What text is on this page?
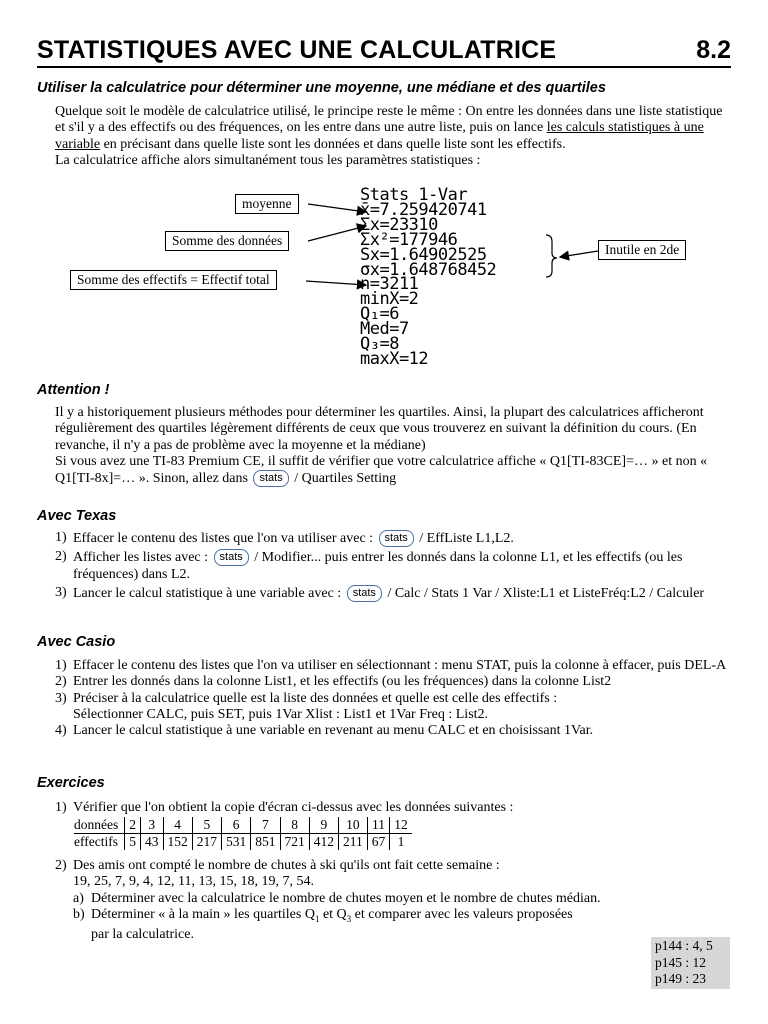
STATISTIQUES AVEC UNE CALCULATRICE	8.2
Utiliser la calculatrice pour déterminer une moyenne, une médiane et des quartiles
Quelque soit le modèle de calculatrice utilisé, le principe reste le même : On entre les données dans une liste statistique et s'il y a des effectifs ou des fréquences, on les entre dans une autre liste, puis on lance les calculs statistiques à une variable en précisant dans quelle liste sont les données et dans quelle liste sont les effectifs.
La calculatrice affiche alors simultanément tous les paramètres statistiques :
Stats 1-Var
x̄=7.259420741
Σx=23310
Σx²=177946
Sx=1.64902525
σx=1.648768452
n=3211
minX=2
Q₁=6
Med=7
Q₃=8
maxX=12
moyenne
Somme des données
Somme des effectifs = Effectif total
Inutile en 2de
Attention !
Il y a historiquement plusieurs méthodes pour déterminer les quartiles. Ainsi, la plupart des calculatrices afficheront régulièrement des quartiles légèrement différents de ceux que vous trouverez en suivant la définition du cours. (En revanche, il n'y a pas de problème avec la moyenne et la médiane)
Si vous avez une TI-83 Premium CE, il suffit de vérifier que votre calculatrice affiche « Q1[TI-83CE]=… » et non « Q1[TI-8x]=… ». Sinon, allez dans stats / Quartiles Setting
Avec Texas
1) Effacer le contenu des listes que l'on va utiliser avec : stats / EffListe L1,L2.
2) Afficher les listes avec : stats / Modifier... puis entrer les donnés dans la colonne L1, et les effectifs (ou les fréquences) dans L2.
3) Lancer le calcul statistique à une variable avec : stats / Calc / Stats 1 Var / Xliste:L1 et ListeFréq:L2 / Calculer
Avec Casio
1) Effacer le contenu des listes que l'on va utiliser en sélectionnant : menu STAT, puis la colonne à effacer, puis DEL-A
2) Entrer les donnés dans la colonne List1, et les effectifs (ou les fréquences) dans la colonne List2
3) Préciser à la calculatrice quelle est la liste des données et quelle est celle des effectifs :
Sélectionner CALC, puis SET, puis 1Var Xlist : List1 et 1Var Freq : List2.
4) Lancer le calcul statistique à une variable en revenant au menu CALC et en choisissant 1Var.
Exercices
1) Vérifier que l'on obtient la copie d'écran ci-dessus avec les données suivantes :
données	2	3	4	5	6	7	8	9	10	11	12
effectifs	5	43	152	217	531	851	721	412	211	67	1
2) Des amis ont compté le nombre de chutes à ski qu'ils ont fait cette semaine :
19, 25, 7, 9, 4, 12, 11, 13, 15, 18, 19, 7, 54.
a) Déterminer avec la calculatrice le nombre de chutes moyen et le nombre de chutes médian.
b) Déterminer « à la main » les quartiles $Q_1$ et $Q_3$ et comparer avec les valeurs proposées
par la calculatrice.
p144 : 4, 5
p145 : 12
p149 : 23
